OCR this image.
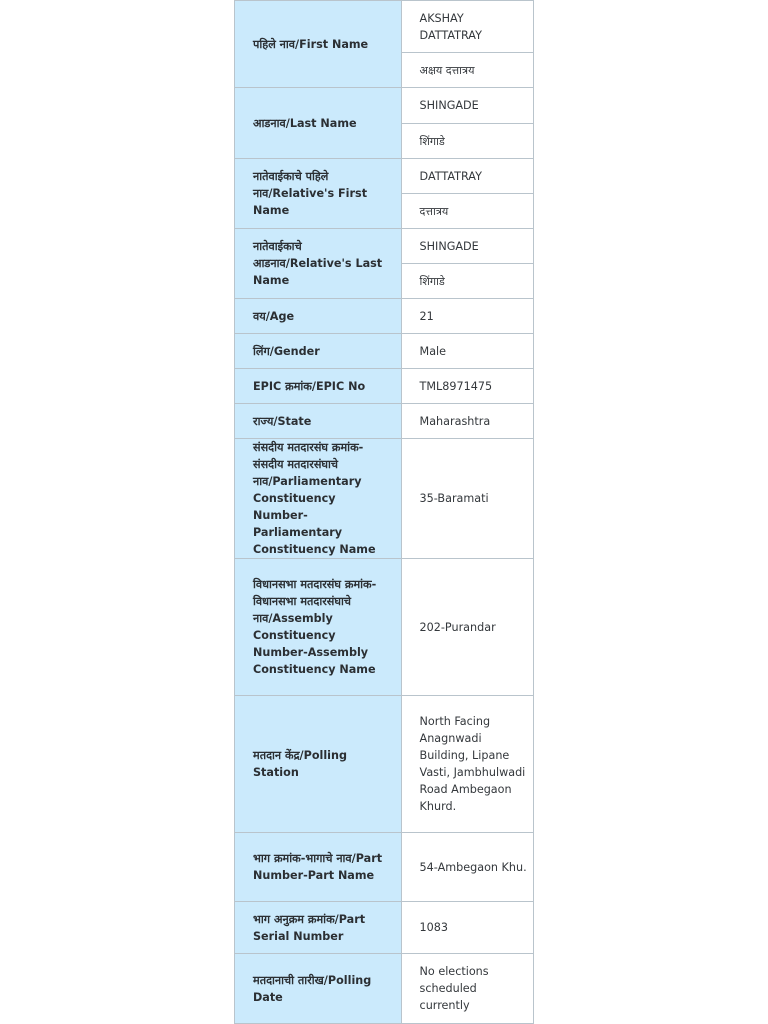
पहिले नाव/First Name	AKSHAY DATTATRAY
	अक्षय दत्तात्रय
आडनाव/Last Name	SHINGADE
	शिंगाडे
नातेवाईकाचे पहिले नाव/Relative's First Name	DATTATRAY
	दत्तात्रय
नातेवाईकाचे आडनाव/Relative's Last Name	SHINGADE
	शिंगाडे
वय/Age	21
लिंग/Gender	Male
EPIC क्रमांक/EPIC No	TML8971475
राज्य/State	Maharashtra
संसदीय मतदारसंघ क्रमांक-संसदीय मतदारसंघाचे नाव/Parliamentary Constituency Number-Parliamentary Constituency Name	35-Baramati
विधानसभा मतदारसंघ क्रमांक-विधानसभा मतदारसंघाचे नाव/Assembly Constituency Number-Assembly Constituency Name	202-Purandar
मतदान केंद्र/Polling Station	North Facing Anagnwadi Building, Lipane Vasti, Jambhulwadi Road Ambegaon Khurd.
भाग क्रमांक-भागाचे नाव/Part Number-Part Name	54-Ambegaon Khu.
भाग अनुक्रम क्रमांक/Part Serial Number	1083
मतदानाची तारीख/Polling Date	No elections scheduled currently
